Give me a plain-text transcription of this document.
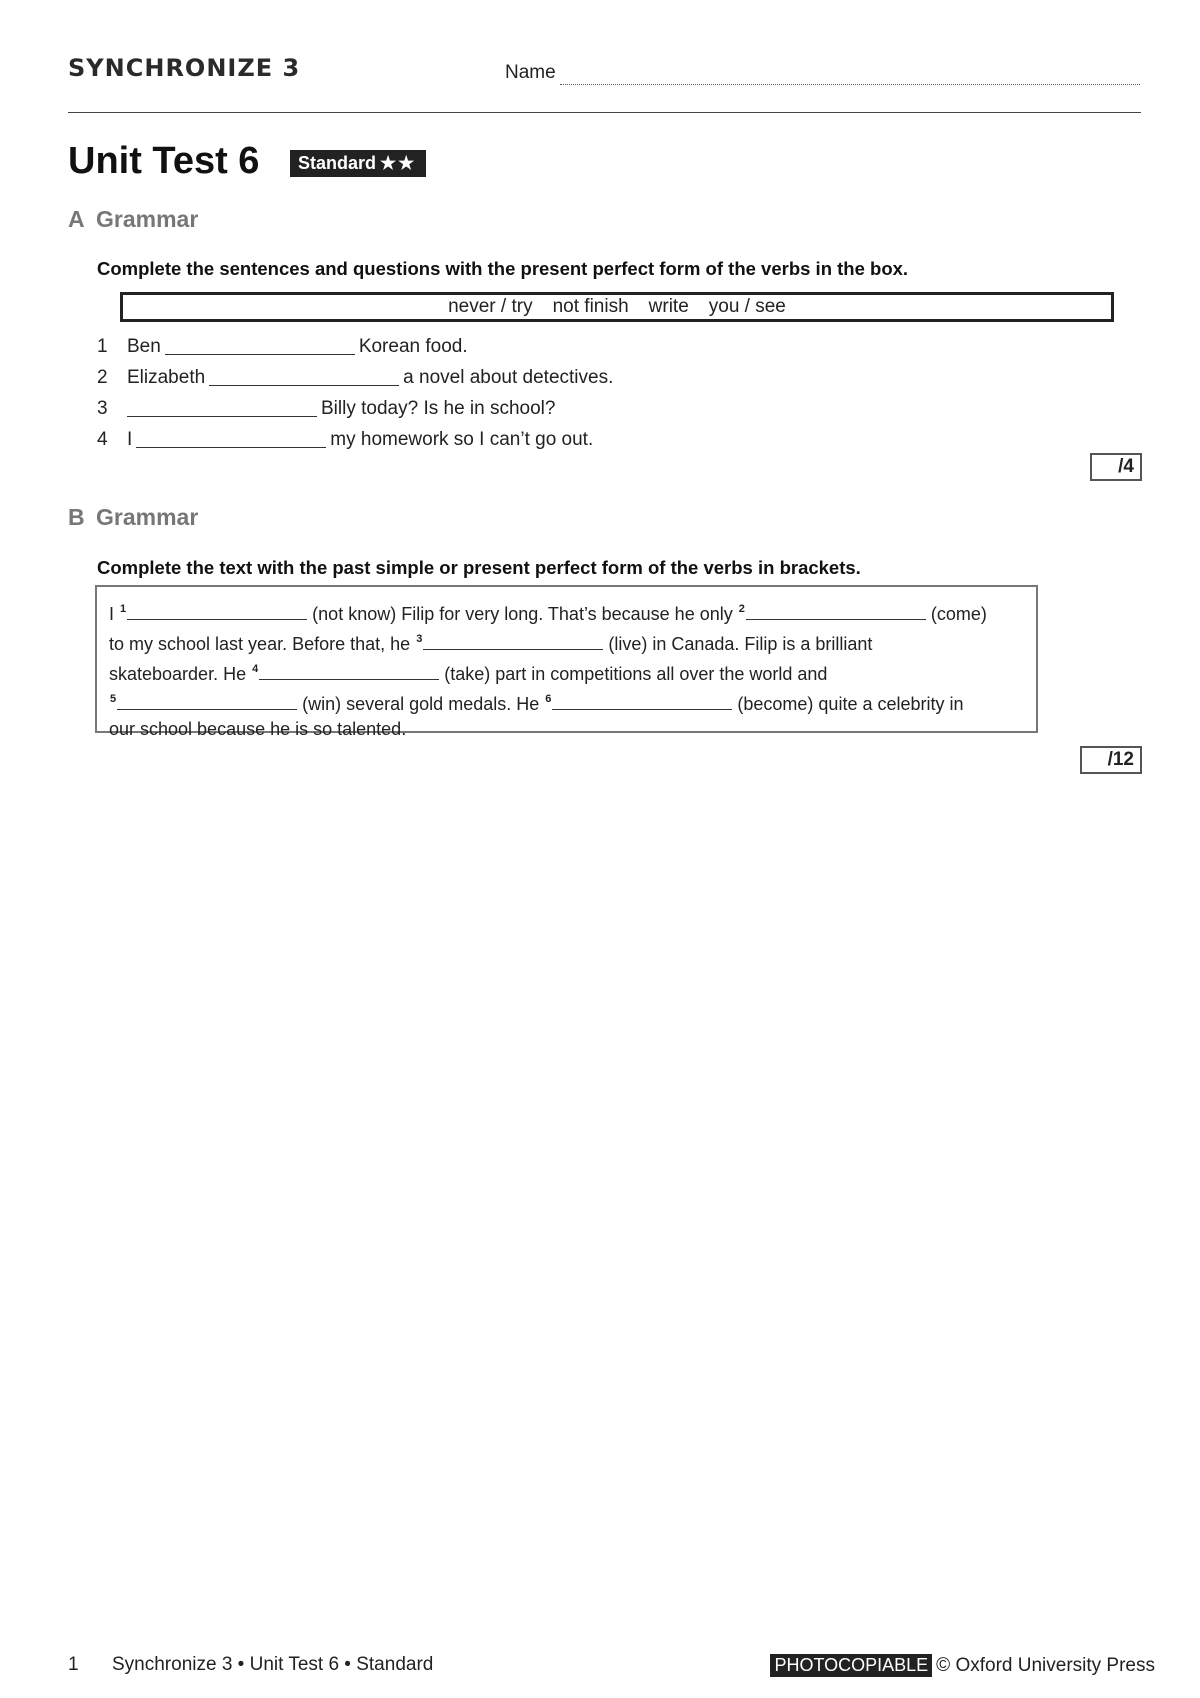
SYNCHRONIZE 3	Name
Unit Test 6	Standard ★★
A Grammar
Complete the sentences and questions with the present perfect form of the verbs in the box.
never / try not finish write you / see
1	Ben	Korean food.
2	Elizabeth	a novel about detectives.
3	Billy today? Is he in school?
4	I	my homework so I can’t go out.
/4
B Grammar
Complete the text with the past simple or present perfect form of the verbs in brackets.
I $^1$	(not know) Filip for very long. That’s because he only $^2$	(come)
to my school last year. Before that, he $^3$	(live) in Canada. Filip is a brilliant
skateboarder. He $^4$	(take) part in competitions all over the world and
$^5$	(win) several gold medals. He $^6$	(become) quite a celebrity in
our school because he is so talented.
/12
1 Synchronize 3 • Unit Test 6 • Standard	PHOTOCOPIABLE © Oxford University Press
